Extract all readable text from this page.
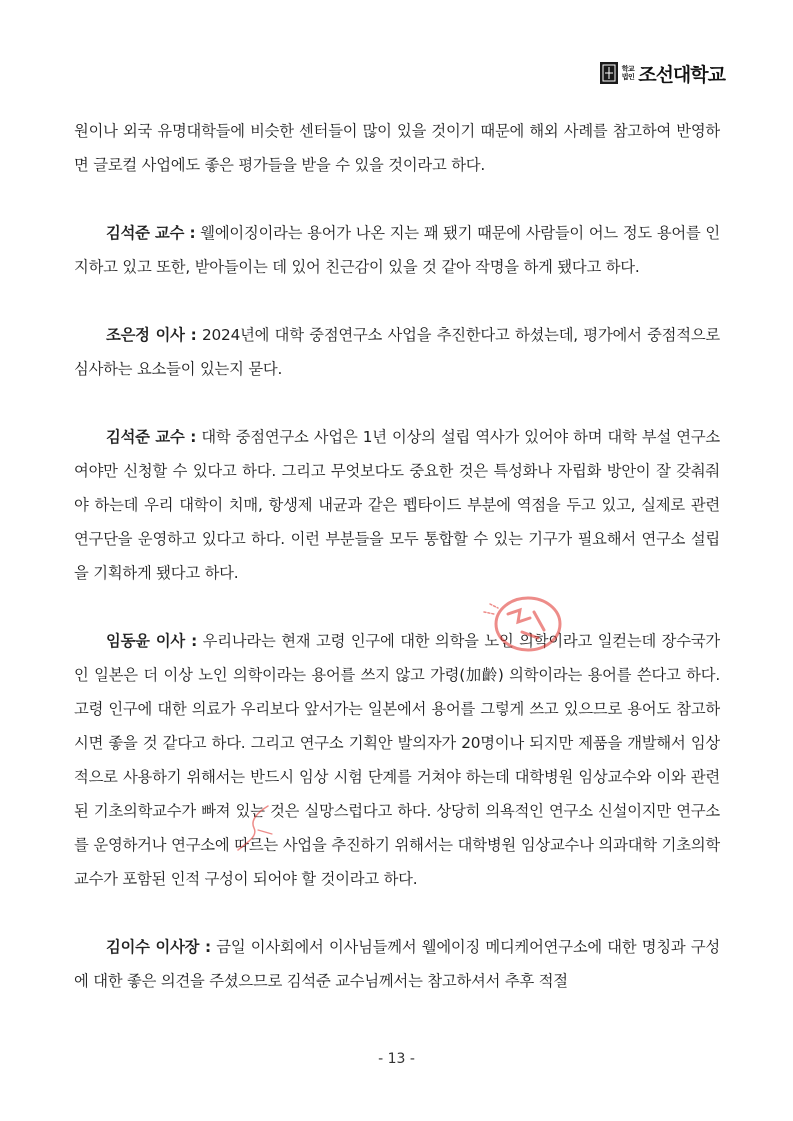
학교
법인 조선대학교

원이나 외국 유명대학들에 비슷한 센터들이 많이 있을 것이기 때문에 해외 사례를 참고하여 반영하면 글로컬 사업에도 좋은 평가들을 받을 수 있을 것이라고 하다.

김석준 교수 : 웰에이징이라는 용어가 나온 지는 꽤 됐기 때문에 사람들이 어느 정도 용어를 인지하고 있고 또한, 받아들이는 데 있어 친근감이 있을 것 같아 작명을 하게 됐다고 하다.

조은정 이사 : 2024년에 대학 중점연구소 사업을 추진한다고 하셨는데, 평가에서 중점적으로 심사하는 요소들이 있는지 묻다.

김석준 교수 : 대학 중점연구소 사업은 1년 이상의 설립 역사가 있어야 하며 대학 부설 연구소여야만 신청할 수 있다고 하다. 그리고 무엇보다도 중요한 것은 특성화나 자립화 방안이 잘 갖춰줘야 하는데 우리 대학이 치매, 항생제 내균과 같은 펩타이드 부분에 역점을 두고 있고, 실제로 관련 연구단을 운영하고 있다고 하다. 이런 부분들을 모두 통합할 수 있는 기구가 필요해서 연구소 설립을 기획하게 됐다고 하다.

임동윤 이사 : 우리나라는 현재 고령 인구에 대한 의학을 노인 의학이라고 일컫는데 장수국가인 일본은 더 이상 노인 의학이라는 용어를 쓰지 않고 가령(加齡) 의학이라는 용어를 쓴다고 하다. 고령 인구에 대한 의료가 우리보다 앞서가는 일본에서 용어를 그렇게 쓰고 있으므로 용어도 참고하시면 좋을 것 같다고 하다. 그리고 연구소 기획안 발의자가 20명이나 되지만 제품을 개발해서 임상적으로 사용하기 위해서는 반드시 임상 시험 단계를 거쳐야 하는데 대학병원 임상교수와 이와 관련된 기초의학교수가 빠져 있는 것은 실망스럽다고 하다. 상당히 의욕적인 연구소 신설이지만 연구소를 운영하거나 연구소에 따르는 사업을 추진하기 위해서는 대학병원 임상교수나 의과대학 기초의학교수가 포함된 인적 구성이 되어야 할 것이라고 하다.

김이수 이사장 : 금일 이사회에서 이사님들께서 웰에이징 메디케어연구소에 대한 명칭과 구성에 대한 좋은 의견을 주셨으므로 김석준 교수님께서는 참고하셔서 추후 적절

- 13 -
